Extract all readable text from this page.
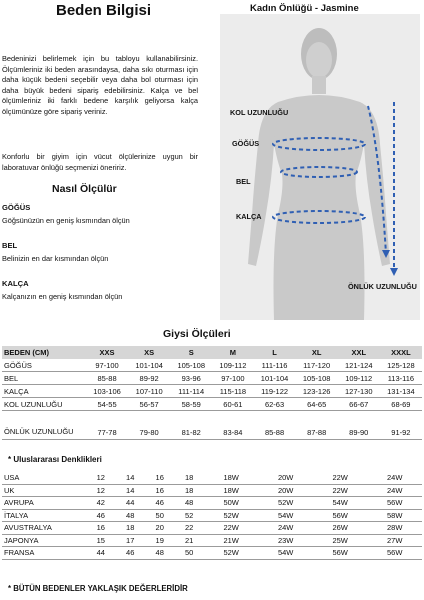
Beden Bilgisi	Kadın Önlüğü - Jasmine
Bedeninizi belirlemek için bu tabloyu kullanabilirsiniz. Ölçümleriniz iki beden arasındaysa, daha sıkı oturması için daha küçük bedeni seçebilir veya daha bol oturması için daha büyük bedeni sipariş edebilirsiniz. Kalça ve bel ölçümleriniz iki farklı bedene karşılık geliyorsa kalça ölçümünüze göre sipariş veriniz.
Konforlu bir giyim için vücut ölçülerinize uygun bir laboratuvar önlüğü seçmenizi öneririz.
Nasıl Ölçülür
GÖĞÜS
Göğsünüzün en geniş kısmından ölçün
BEL
Belinizin en dar kısmından ölçün
KALÇA
Kalçanızın en geniş kısmından ölçün
KOL UZUNLUĞU
GÖĞÜS
BEL
KALÇA
ÖNLÜK UZUNLUĞU
Giysi Ölçüleri
BEDEN (CM)	XXS	XS	S	M	L	XL	XXL	XXXL
GÖĞÜS	97-100	101-104	105-108	109-112	111-116	117-120	121-124	125-128
BEL	85-88	89-92	93-96	97-100	101-104	105-108	109-112	113-116
KALÇA	103-106	107-110	111-114	115-118	119-122	123-126	127-130	131-134
KOL UZUNLUĞU	54-55	56-57	58-59	60-61	62-63	64-65	66-67	68-69
ÖNLÜK UZUNLUĞU	77-78	79-80	81-82	83-84	85-88	87-88	89-90	91-92
* Uluslararası Denklikleri
USA	12	14	16	18	18W	20W	22W	24W
UK	12	14	16	18	18W	20W	22W	24W
AVRUPA	42	44	46	48	50W	52W	54W	56W
İTALYA	46	48	50	52	52W	54W	56W	58W
AVUSTRALYA	16	18	20	22	22W	24W	26W	28W
JAPONYA	15	17	19	21	21W	23W	25W	27W
FRANSA	44	46	48	50	52W	54W	56W	56W
* BÜTÜN BEDENLER YAKLAŞIK DEĞERLERİDİR
